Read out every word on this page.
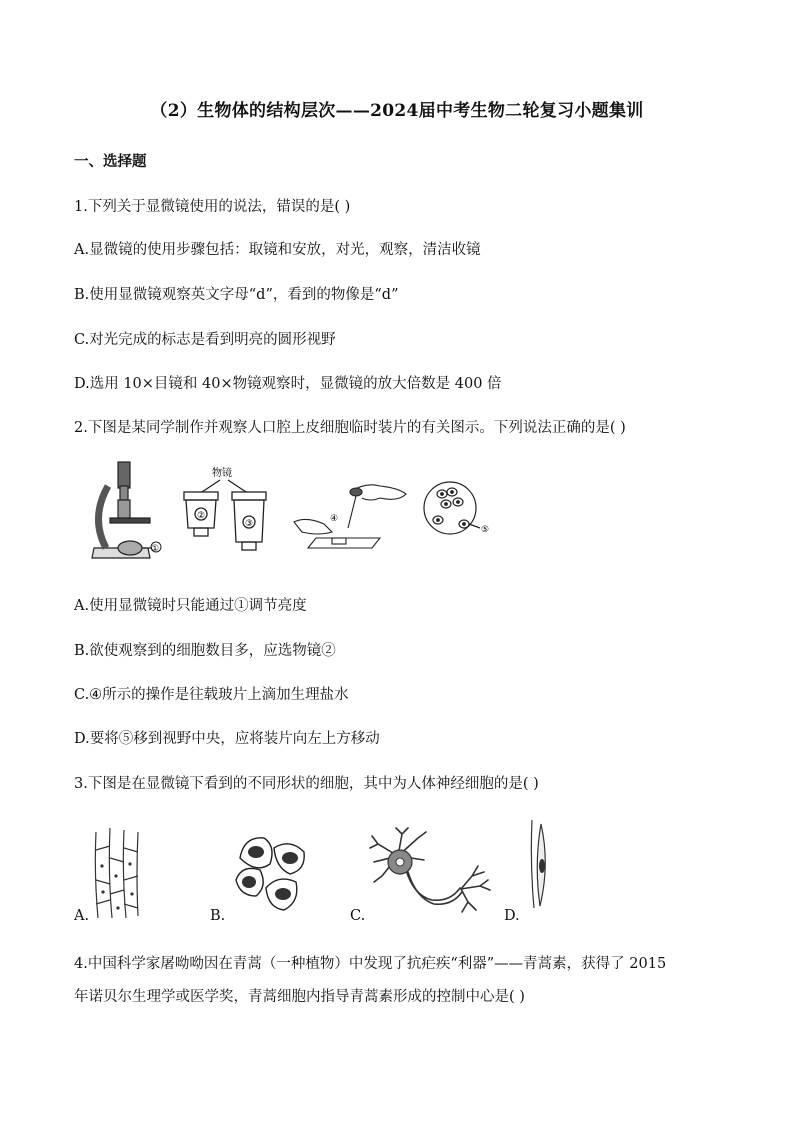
（2）生物体的结构层次——2024届中考生物二轮复习小题集训
一、选择题
1.下列关于显微镜使用的说法，错误的是( )
A.显微镜的使用步骤包括：取镜和安放，对光，观察，清洁收镜
B.使用显微镜观察英文字母“d”，看到的物像是“d”
C.对光完成的标志是看到明亮的圆形视野
D.选用 10×目镜和 40×物镜观察时，显微镜的放大倍数是 400 倍
2.下图是某同学制作并观察人口腔上皮细胞临时装片的有关图示。下列说法正确的是( )
①
物镜
②
③	④
⑤
A.使用显微镜时只能通过①调节亮度
B.欲使观察到的细胞数目多，应选物镜②
C.④所示的操作是往载玻片上滴加生理盐水
D.要将⑤移到视野中央，应将装片向左上方移动
3.下图是在显微镜下看到的不同形状的细胞，其中为人体神经细胞的是( )
A.	B.	C.	D.
4.中国科学家屠呦呦因在青蒿（一种植物）中发现了抗疟疾“利器”——青蒿素，获得了 2015
年诺贝尔生理学或医学奖，青蒿细胞内指导青蒿素形成的控制中心是( )
